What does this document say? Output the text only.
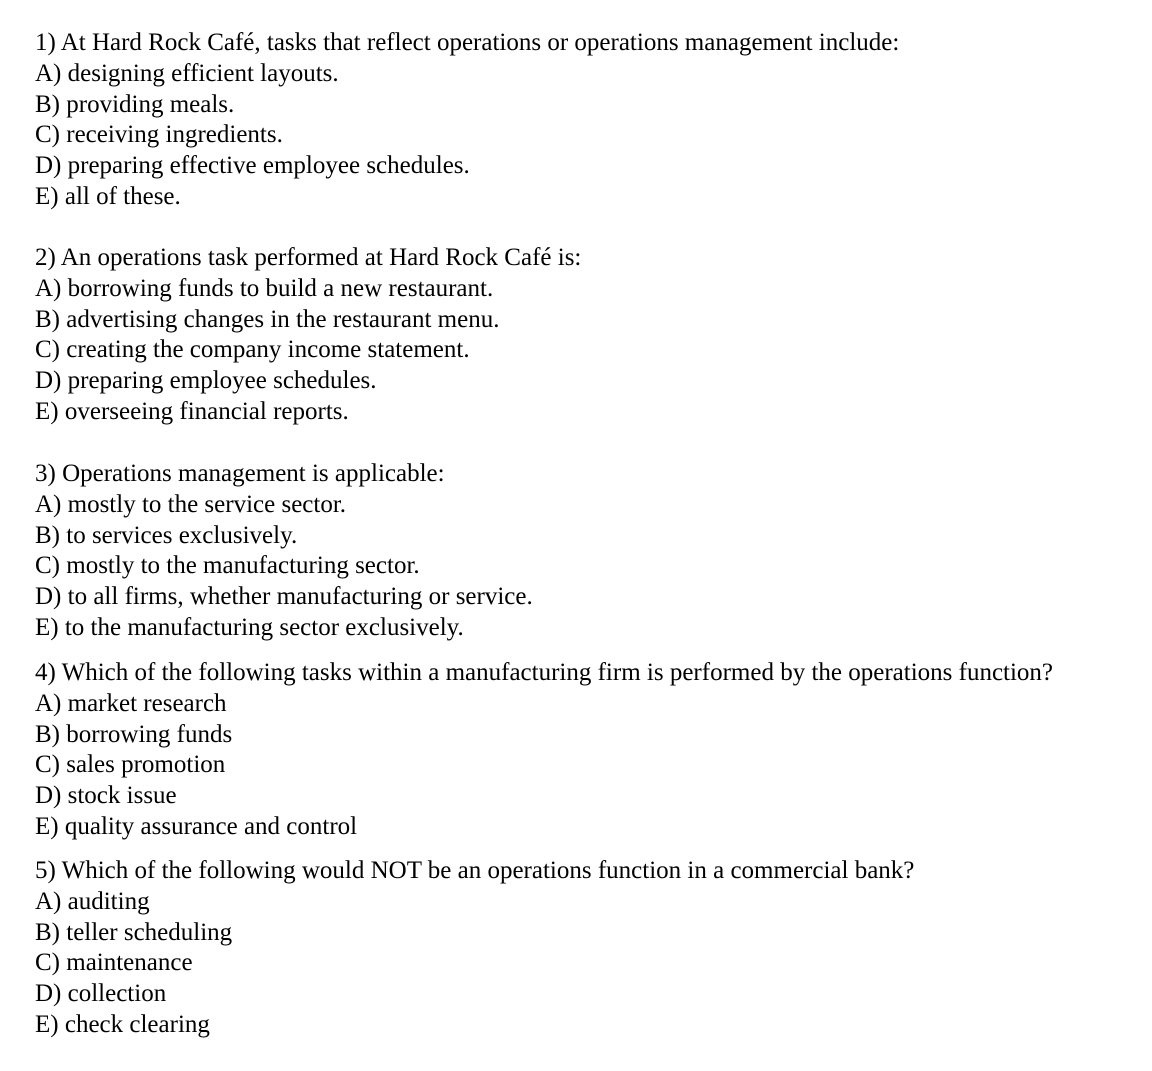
1) At Hard Rock Café, tasks that reflect operations or operations management include:
A) designing efficient layouts.
B) providing meals.
C) receiving ingredients.
D) preparing effective employee schedules.
E) all of these.
2) An operations task performed at Hard Rock Café is:
A) borrowing funds to build a new restaurant.
B) advertising changes in the restaurant menu.
C) creating the company income statement.
D) preparing employee schedules.
E) overseeing financial reports.
3) Operations management is applicable:
A) mostly to the service sector.
B) to services exclusively.
C) mostly to the manufacturing sector.
D) to all firms, whether manufacturing or service.
E) to the manufacturing sector exclusively.
4) Which of the following tasks within a manufacturing firm is performed by the operations function?
A) market research
B) borrowing funds
C) sales promotion
D) stock issue
E) quality assurance and control
5) Which of the following would NOT be an operations function in a commercial bank?
A) auditing
B) teller scheduling
C) maintenance
D) collection
E) check clearing
